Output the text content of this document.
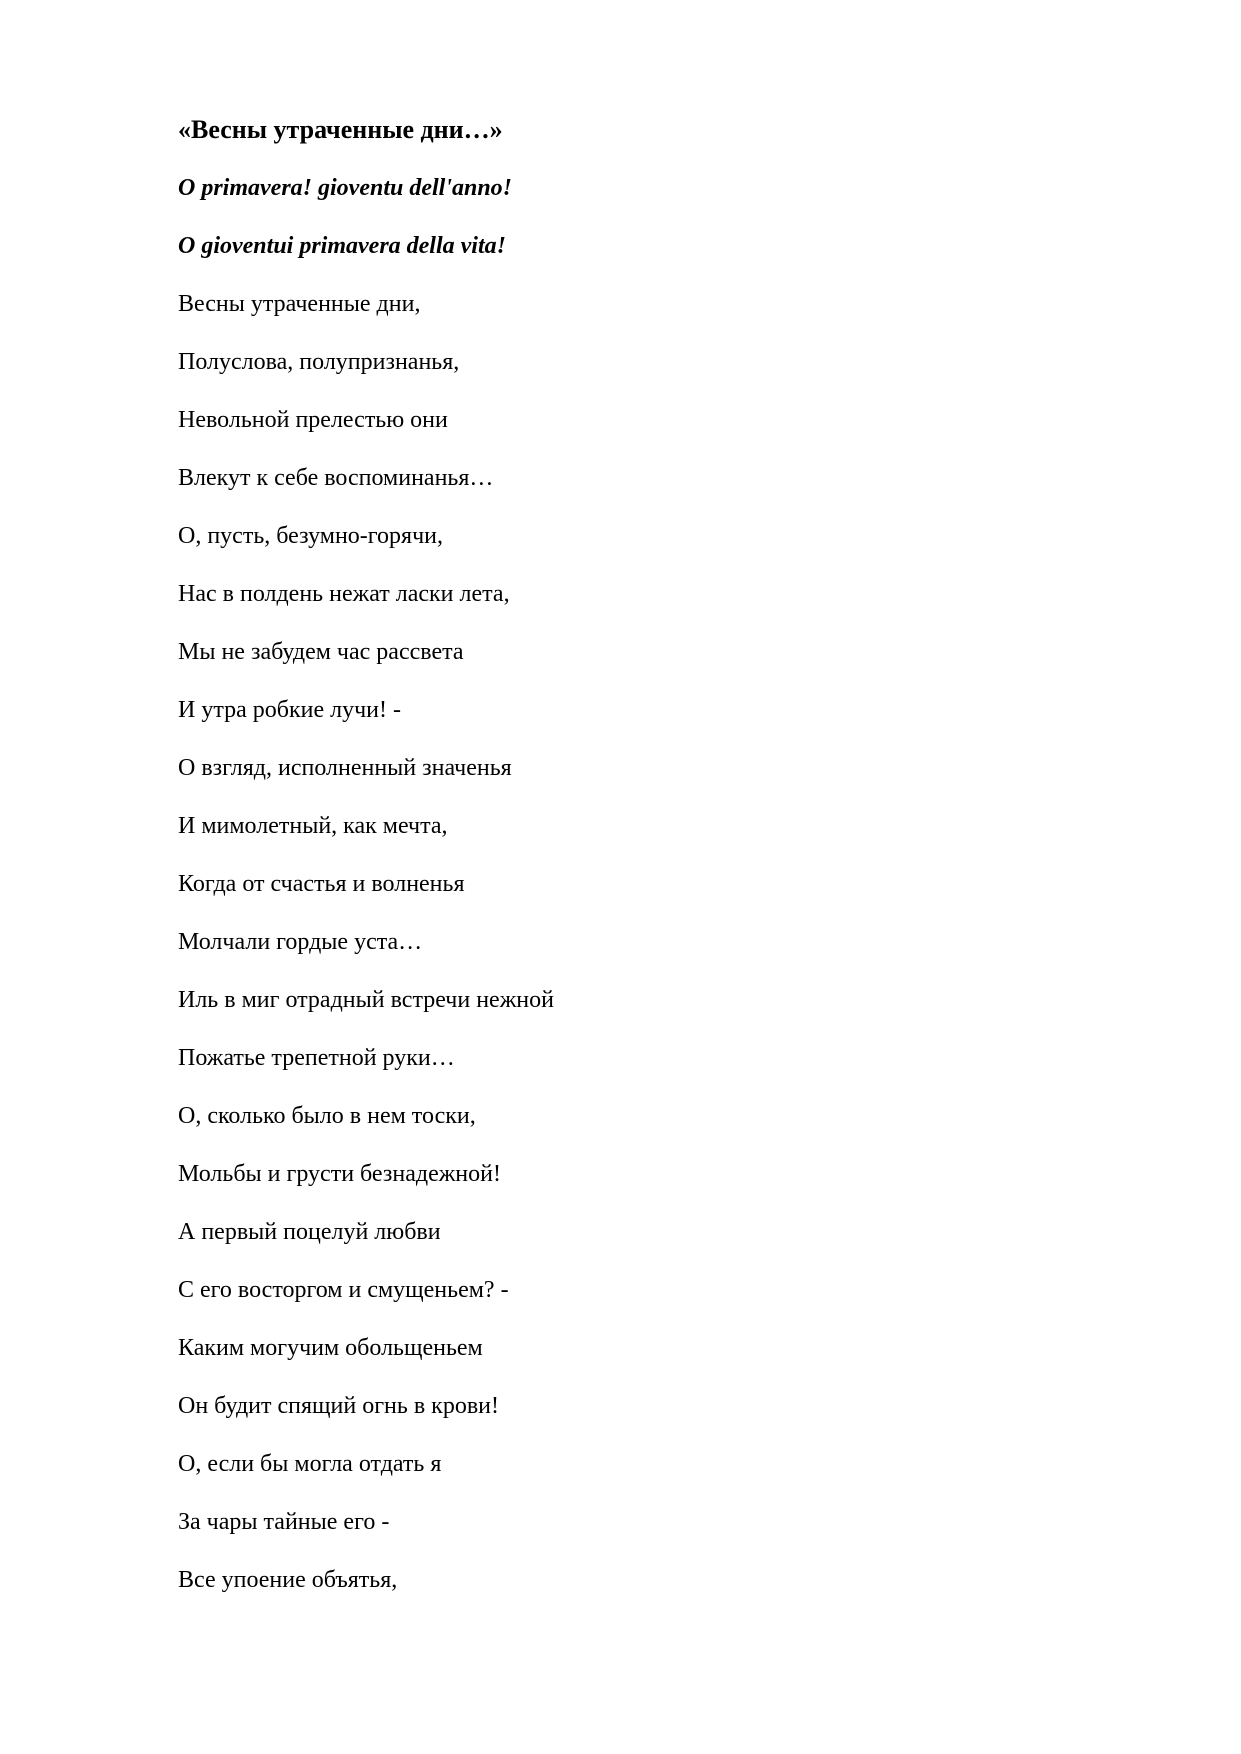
«Весны утраченные дни…»
O primavera! gioventu dell'anno!
O gioventui primavera della vita!
Весны утраченные дни,
Полуслова, полупризнанья,
Невольной прелестью они
Влекут к себе воспоминанья…
О, пусть, безумно-горячи,
Нас в полдень нежат ласки лета,
Мы не забудем час рассвета
И утра робкие лучи! -
О взгляд, исполненный значенья
И мимолетный, как мечта,
Когда от счастья и волненья
Молчали гордые уста…
Иль в миг отрадный встречи нежной
Пожатье трепетной руки…
О, сколько было в нем тоски,
Мольбы и грусти безнадежной!
А первый поцелуй любви
С его восторгом и смущеньем? -
Каким могучим обольщеньем
Он будит спящий огнь в крови!
О, если бы могла отдать я
За чары тайные его -
Все упоение объятья,
